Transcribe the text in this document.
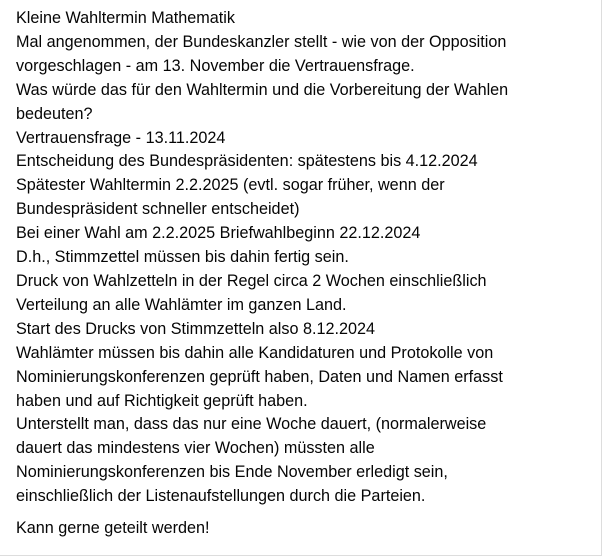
Kleine Wahltermin Mathematik
Mal angenommen, der Bundeskanzler stellt - wie von der Opposition
vorgeschlagen - am 13. November die Vertrauensfrage.
Was würde das für den Wahltermin und die Vorbereitung der Wahlen
bedeuten?
Vertrauensfrage - 13.11.2024
Entscheidung des Bundespräsidenten: spätestens bis 4.12.2024
Spätester Wahltermin 2.2.2025 (evtl. sogar früher, wenn der
Bundespräsident schneller entscheidet)
Bei einer Wahl am 2.2.2025 Briefwahlbeginn 22.12.2024
D.h., Stimmzettel müssen bis dahin fertig sein.
Druck von Wahlzetteln in der Regel circa 2 Wochen einschließlich
Verteilung an alle Wahlämter im ganzen Land.
Start des Drucks von Stimmzetteln also 8.12.2024
Wahlämter müssen bis dahin alle Kandidaturen und Protokolle von
Nominierungskonferenzen geprüft haben, Daten und Namen erfasst
haben und auf Richtigkeit geprüft haben.
Unterstellt man, dass das nur eine Woche dauert, (normalerweise
dauert das mindestens vier Wochen) müssten alle
Nominierungskonferenzen bis Ende November erledigt sein,
einschließlich der Listenaufstellungen durch die Parteien.
Kann gerne geteilt werden!
